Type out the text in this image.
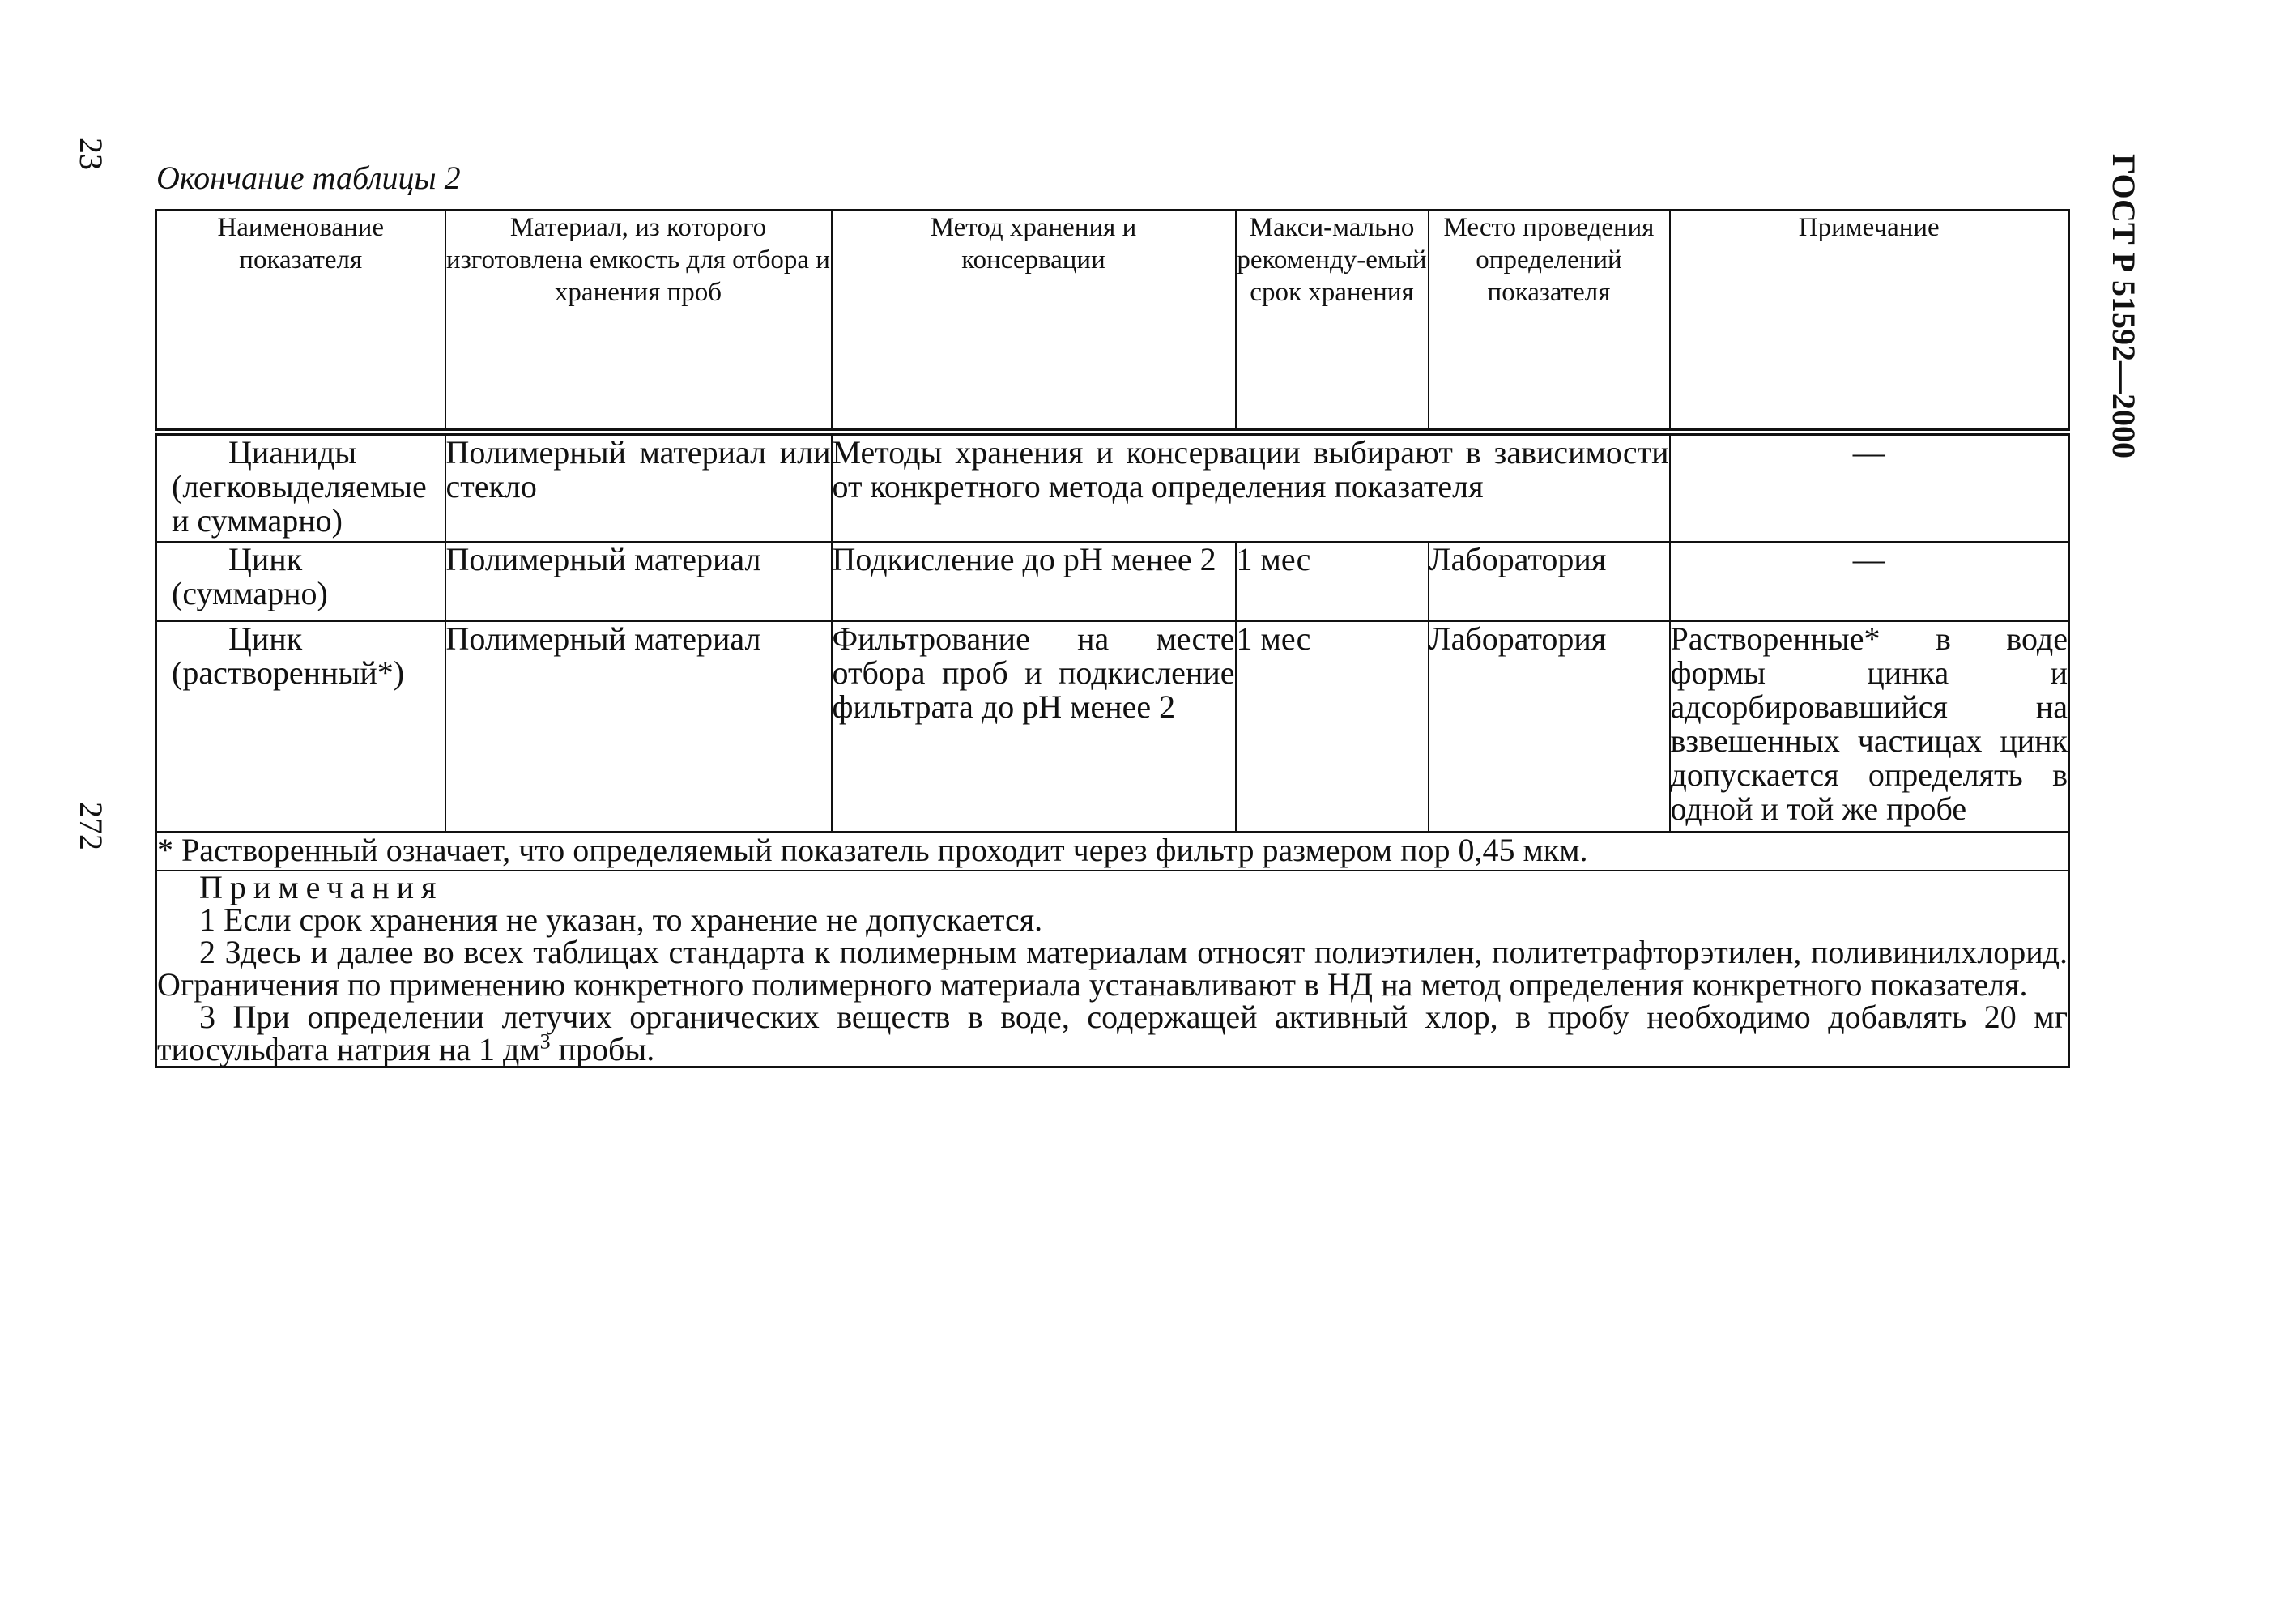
23
272
ГОСТ Р 51592—2000
Окончание таблицы 2
Наименование показателя	Материал, из которого изготовлена емкость для отбора и хранения проб	Метод хранения и консервации	Макси-мально рекоменду-емый срок хранения	Место проведения определений показателя	Примечание
Цианиды (легковыделяемые и суммарно)	Полимерный материал или стекло	Методы хранения и консервации выбирают в зависимости от конкретного метода определения показателя			—
Цинк (суммарно)	Полимерный материал	Подкисление до pH менее 2	1 мес	Лаборатория	—
Цинк (растворенный*)	Полимерный материал	Фильтрование на месте отбора проб и подкисление фильтрата до pH менее 2	1 мес	Лаборатория	Растворенные* в воде формы цинка и адсорбировавшийся на взвешенных частицах цинк допускается определять в одной и той же пробе
* Растворенный означает, что определяемый показатель проходит через фильтр размером пор 0,45 мкм.					

Примечания
1 Если срок хранения не указан, то хранение не допускается.
2 Здесь и далее во всех таблицах стандарта к полимерным материалам относят полиэтилен, политетрафторэтилен, поливинилхлорид. Ограничения по применению конкретного полимерного материала устанавливают в НД на метод определения конкретного показателя.
3 При определении летучих органических веществ в воде, содержащей активный хлор, в пробу необходимо добавлять 20 мг тиосульфата натрия на 1 $дм^3$ пробы.					
